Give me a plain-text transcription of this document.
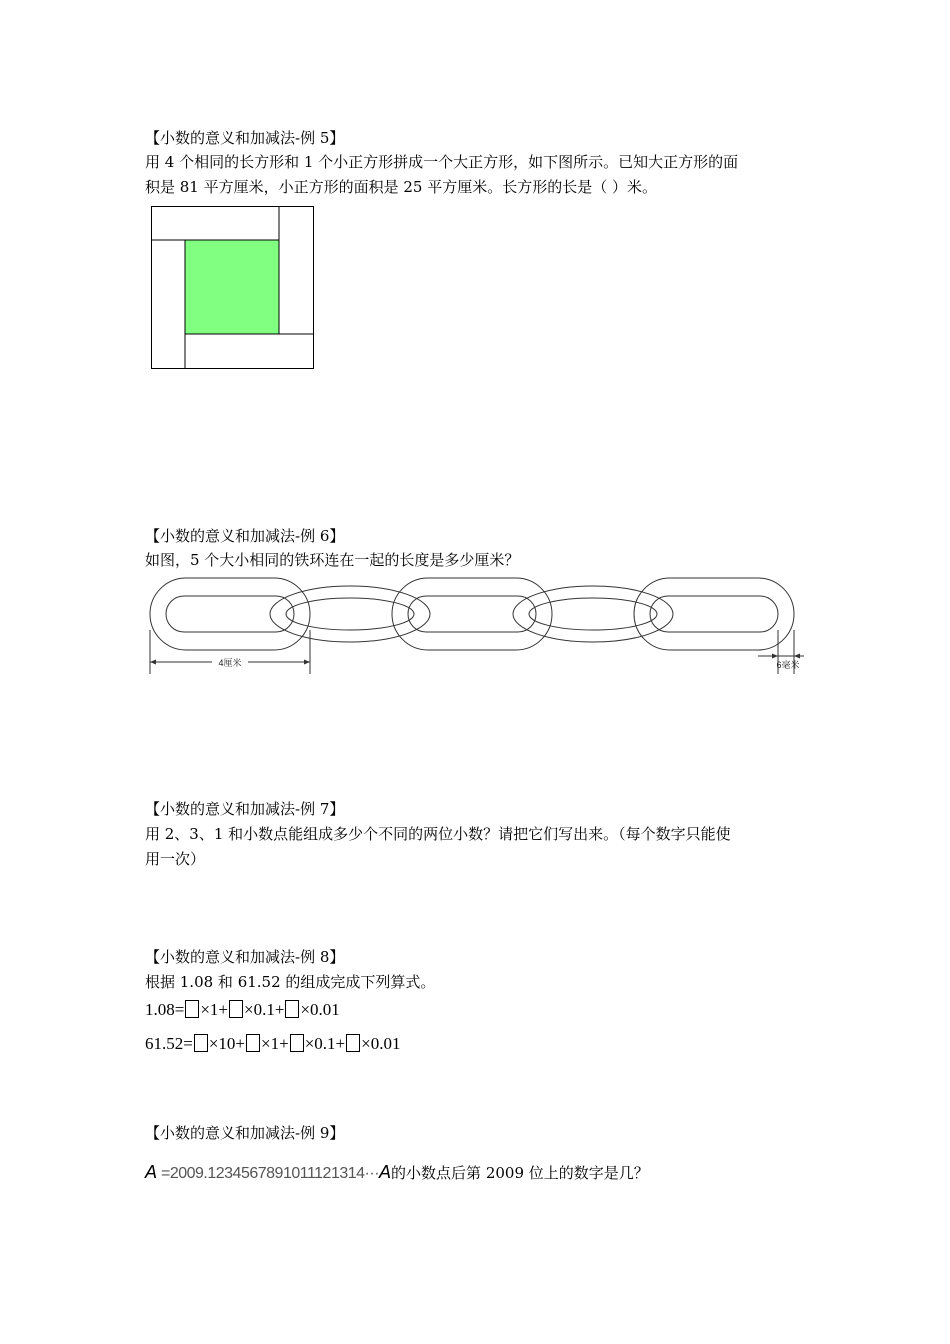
【小数的意义和加减法-例 5】
用 4 个相同的长方形和 1 个小正方形拼成一个大正方形，如下图所示。已知大正方形的面
积是 81 平方厘米，小正方形的面积是 25 平方厘米。长方形的长是（ ）米。
【小数的意义和加减法-例 6】
如图，5 个大小相同的铁环连在一起的长度是多少厘米？
4厘米	6毫米
【小数的意义和加减法-例 7】
用 2、3、1 和小数点能组成多少个不同的两位小数？请把它们写出来。（每个数字只能使
用一次）
【小数的意义和加减法-例 8】
根据 1.08 和 61.52 的组成完成下列算式。
1.08= ×1+ ×0.1+ ×0.01
61.52= ×10+ ×1+ ×0.1+ ×0.01
【小数的意义和加减法-例 9】
A =2009.1234567891011121314···A的小数点后第 2009 位上的数字是几？
